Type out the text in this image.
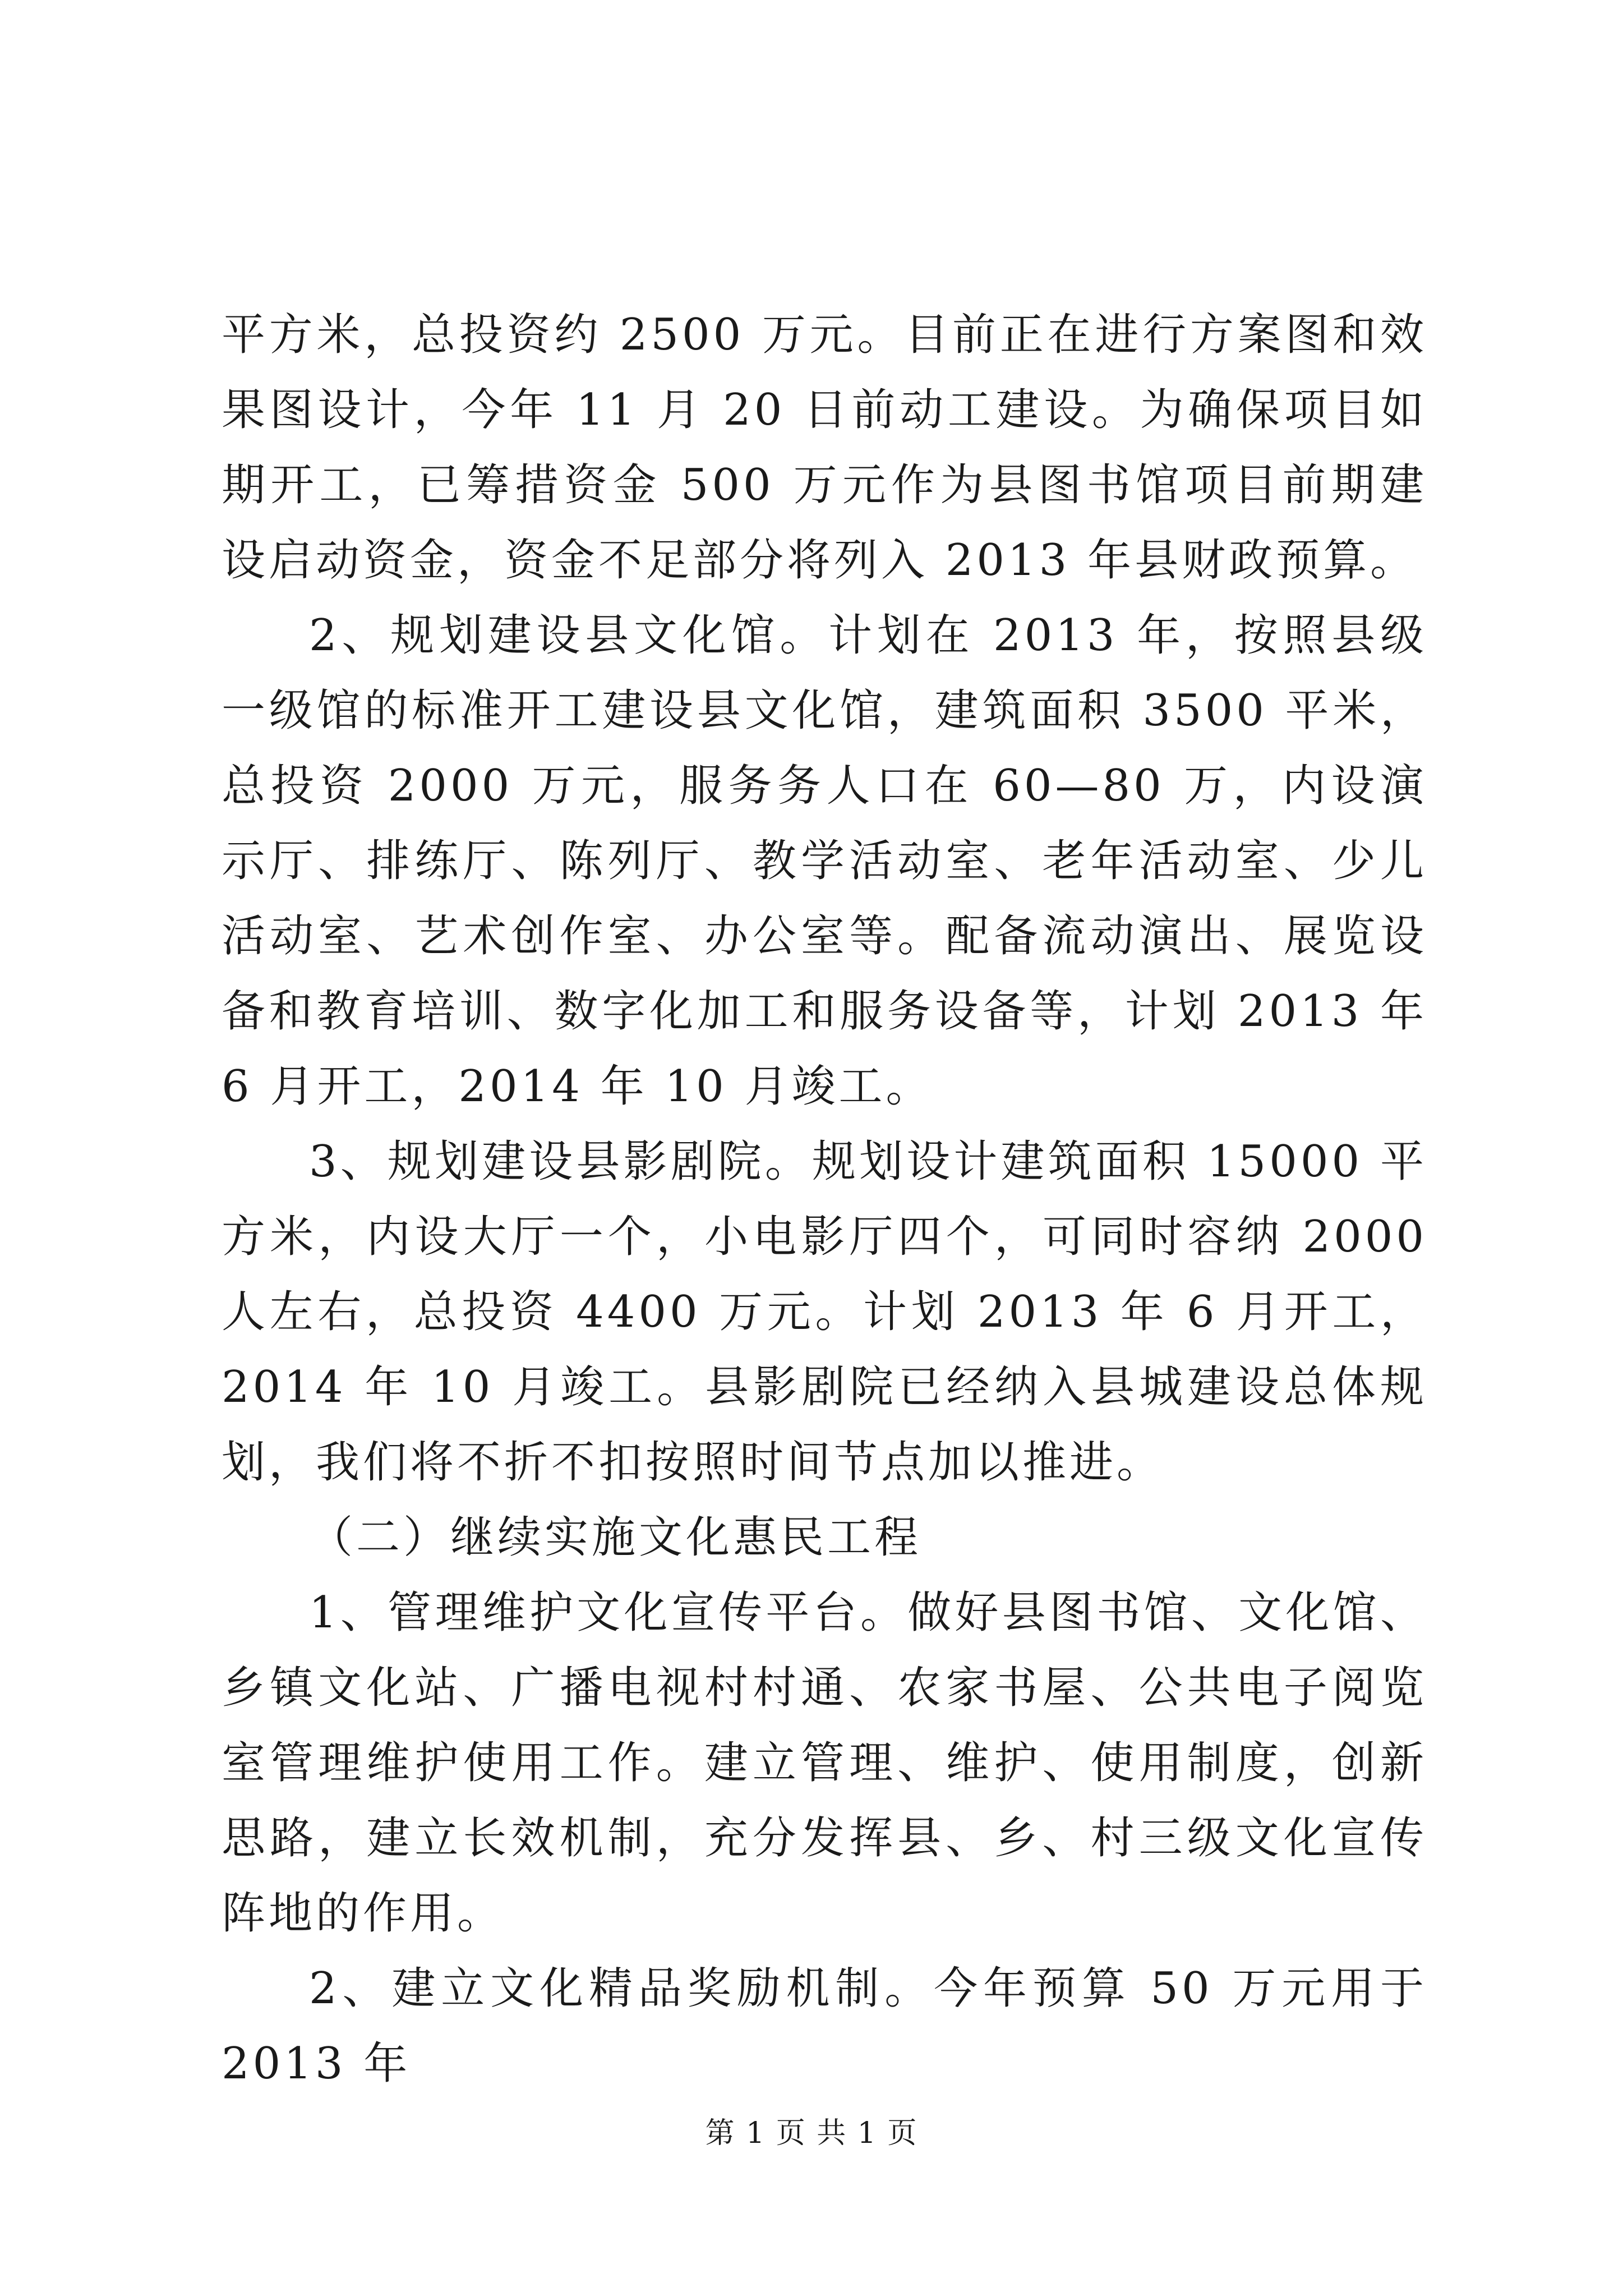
平方米，总投资约 2500 万元。目前正在进行方案图和效果图设计，今年 11 月 20 日前动工建设。为确保项目如期开工，已筹措资金 500 万元作为县图书馆项目前期建设启动资金，资金不足部分将列入 2013 年县财政预算。

2、规划建设县文化馆。计划在 2013 年，按照县级一级馆的标准开工建设县文化馆，建筑面积 3500 平米，总投资 2000 万元，服务务人口在 60—80 万，内设演示厅、排练厅、陈列厅、教学活动室、老年活动室、少儿活动室、艺术创作室、办公室等。配备流动演出、展览设备和教育培训、数字化加工和服务设备等，计划 2013 年 6 月开工，2014 年 10 月竣工。

3、规划建设县影剧院。规划设计建筑面积 15000 平方米，内设大厅一个，小电影厅四个，可同时容纳 2000 人左右，总投资 4400 万元。计划 2013 年 6 月开工，2014 年 10 月竣工。县影剧院已经纳入县城建设总体规划，我们将不折不扣按照时间节点加以推进。

（二）继续实施文化惠民工程

1、管理维护文化宣传平台。做好县图书馆、文化馆、乡镇文化站、广播电视村村通、农家书屋、公共电子阅览室管理维护使用工作。建立管理、维护、使用制度，创新思路，建立长效机制，充分发挥县、乡、村三级文化宣传阵地的作用。

2、建立文化精品奖励机制。今年预算 50 万元用于 2013 年

第 1 页 共 1 页
